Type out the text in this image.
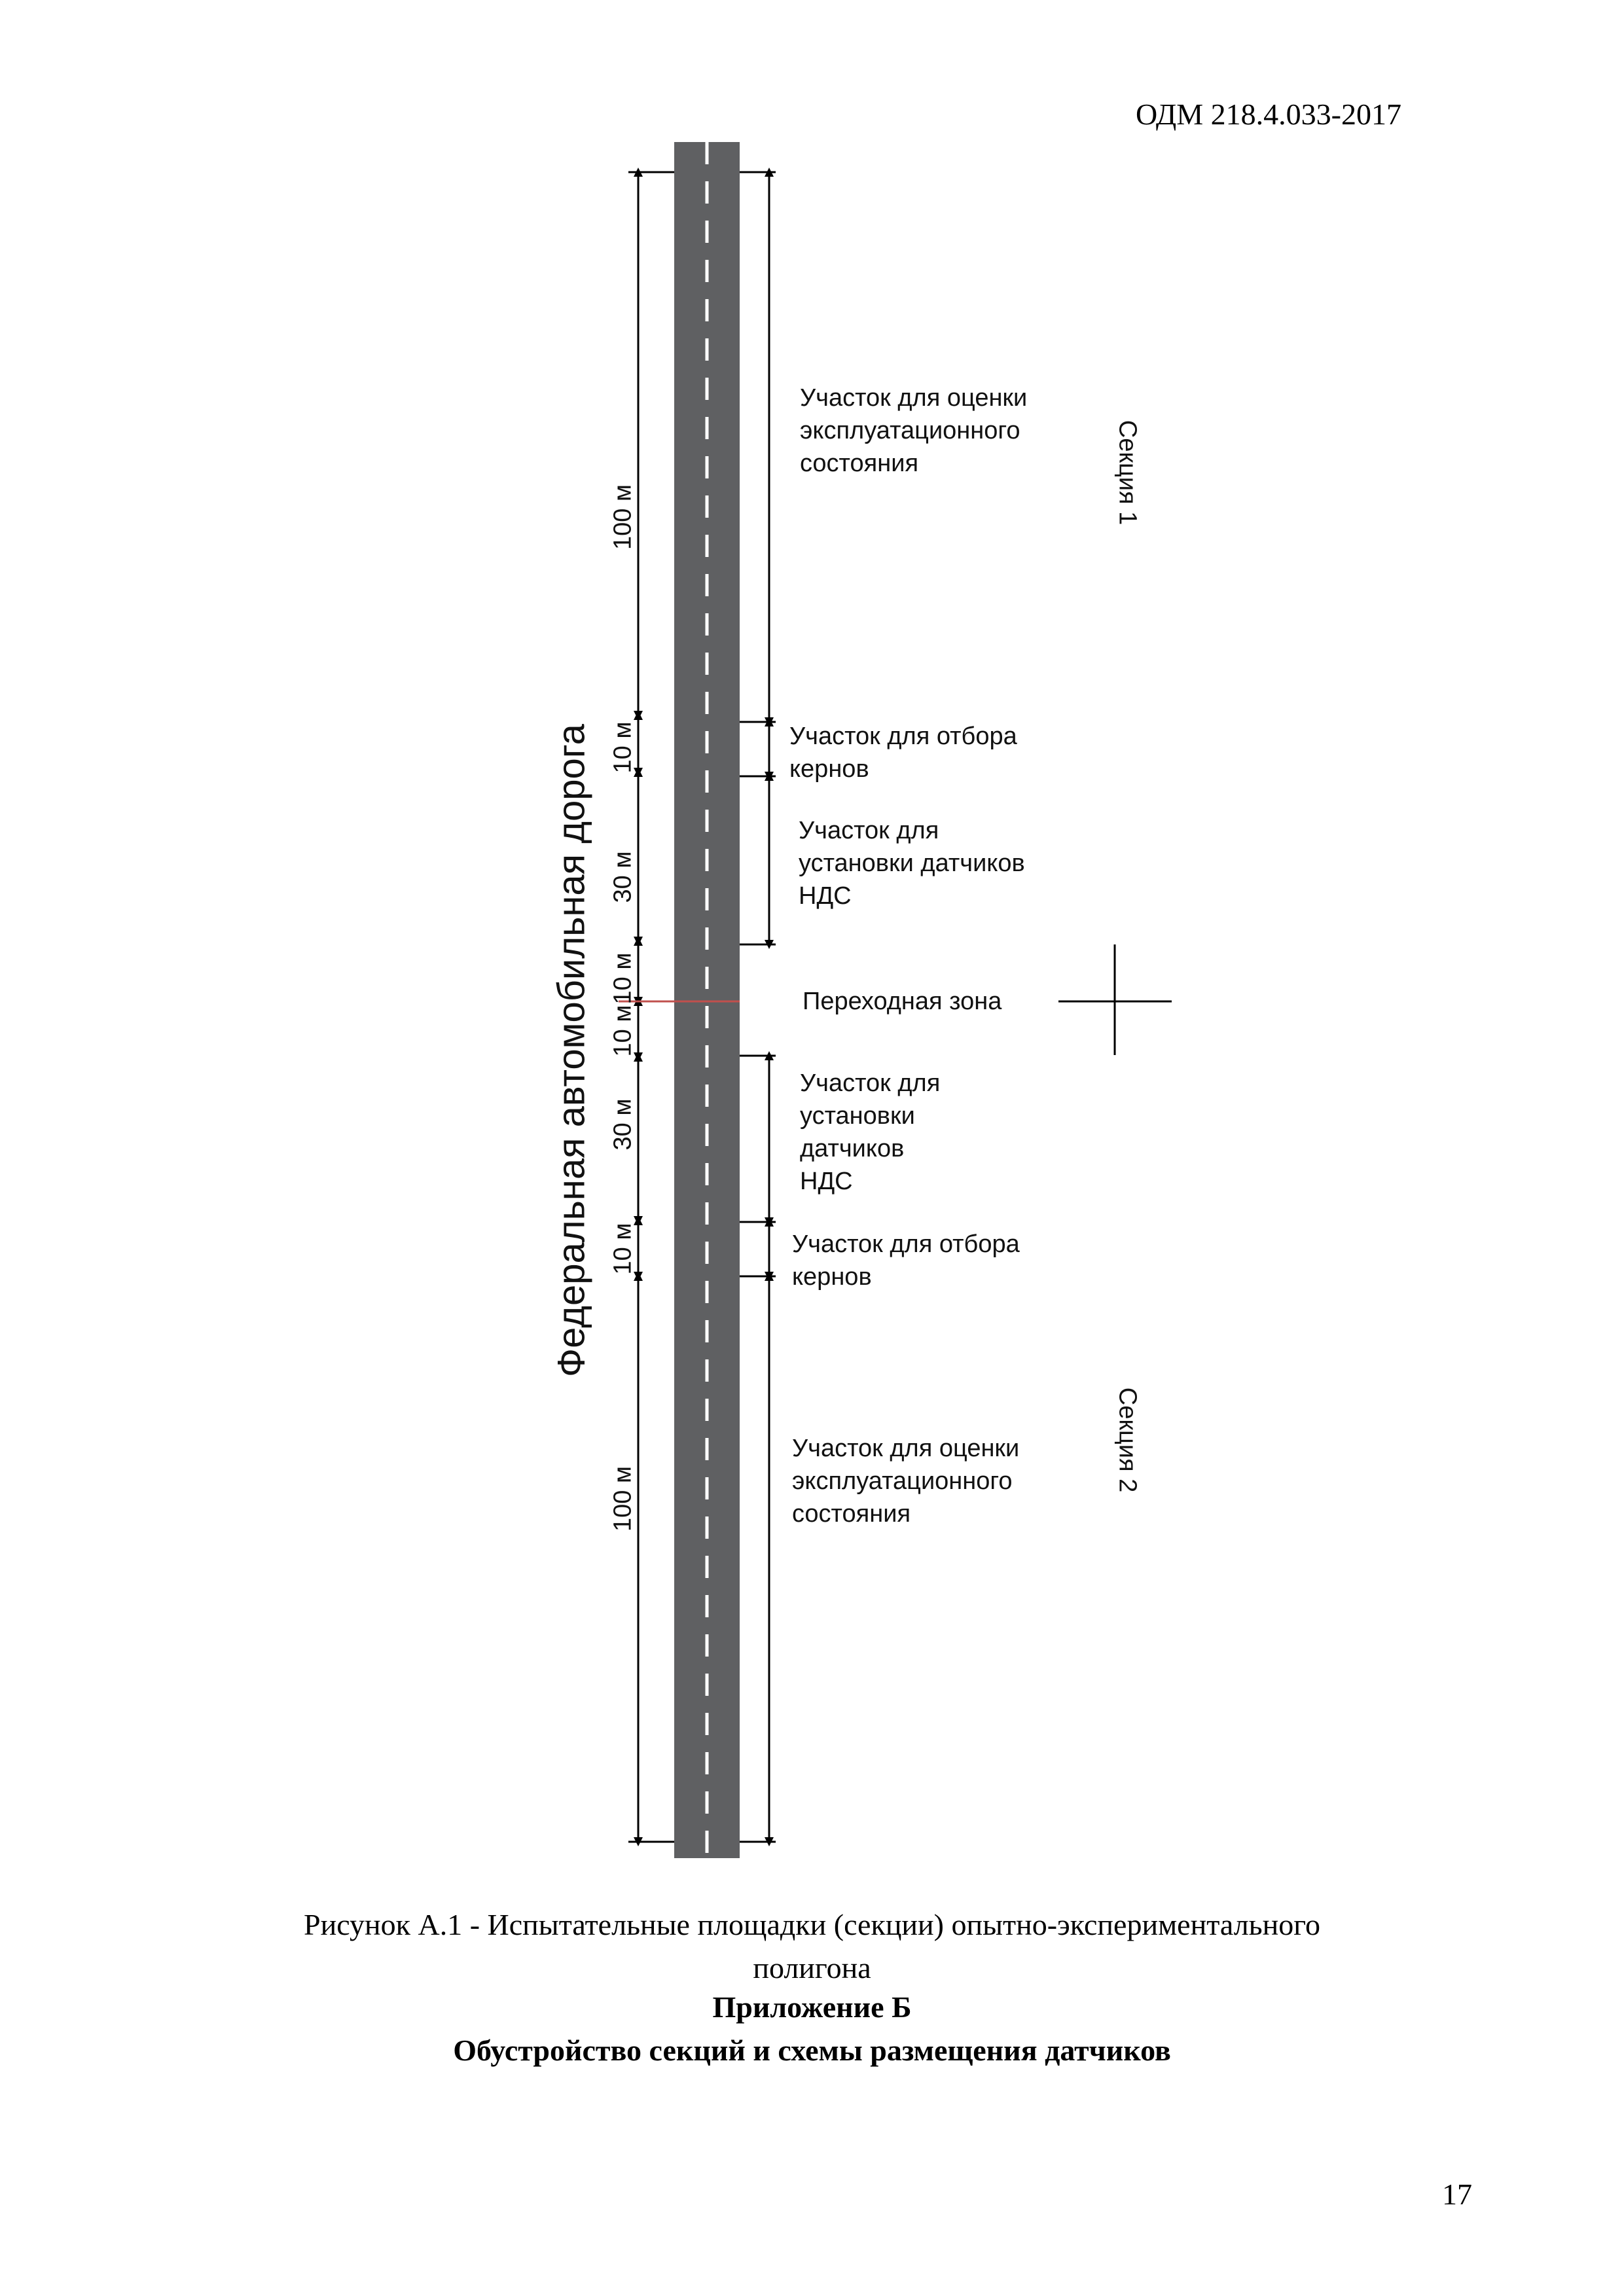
ОДМ 218.4.033-2017
Федеральная автомобильная дорога
100 м
10 м
30 м
10 м
10 м
30 м
10 м
100 м
Секция 1
Секция 2
Участок для оценки
эксплуатационного
состояния
Участок для отбора
кернов
Участок для
установки датчиков
НДС
Переходная зона
Участок для
установки
датчиков
НДС
Участок для отбора
кернов
Участок для оценки
эксплуатационного
состояния
Рисунок А.1 - Испытательные площадки (секции) опытно-экспериментального
полигона
Приложение Б
Обустройство секций и схемы размещения датчиков
17
